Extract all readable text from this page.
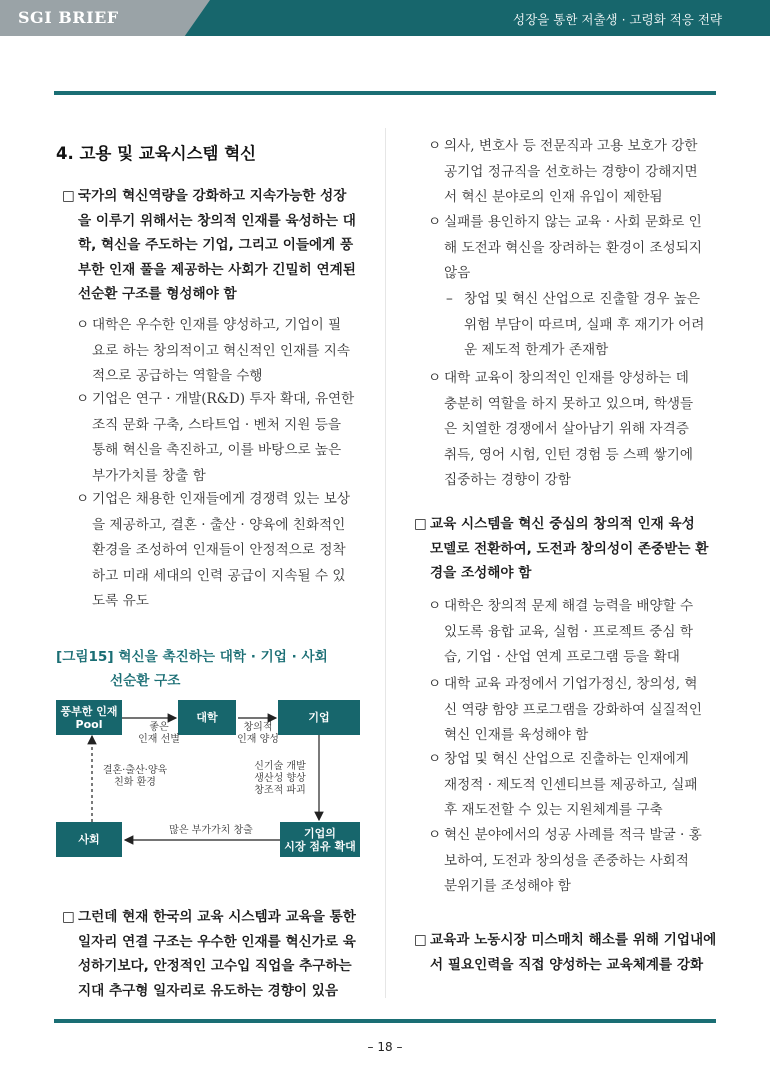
SGI BRIEF	성장을 통한 저출생 · 고령화 적응 전략
4. 고용 및 교육시스템 혁신
□ 국가의 혁신역량을 강화하고 지속가능한 성장
을 이루기 위해서는 창의적 인재를 육성하는 대
학, 혁신을 주도하는 기업, 그리고 이들에게 풍
부한 인재 풀을 제공하는 사회가 긴밀히 연계된
선순환 구조를 형성해야 함
ㅇ 대학은 우수한 인재를 양성하고, 기업이 필
요로 하는 창의적이고 혁신적인 인재를 지속
적으로 공급하는 역할을 수행
ㅇ 기업은 연구 · 개발(R&D) 투자 확대, 유연한
조직 문화 구축, 스타트업 · 벤처 지원 등을
통해 혁신을 촉진하고, 이를 바탕으로 높은
부가가치를 창출 함
ㅇ 기업은 채용한 인재들에게 경쟁력 있는 보상
을 제공하고, 결혼 · 출산 · 양육에 친화적인
환경을 조성하여 인재들이 안정적으로 정착
하고 미래 세대의 인력 공급이 지속될 수 있
도록 유도
[그림15] 혁신을 촉진하는 대학 · 기업 · 사회
선순환 구조
풍부한 인재
Pool	대학	기업
사회	기업의
시장 점유 확대
좋은
인재 선별
창의적
인재 양성
결혼·출산·양육
친화 환경
신기술 개발
생산성 향상
창조적 파괴
많은 부가가치 창출
□ 그런데 현재 한국의 교육 시스템과 교육을 통한
일자리 연결 구조는 우수한 인재를 혁신가로 육
성하기보다, 안정적인 고수입 직업을 추구하는
지대 추구형 일자리로 유도하는 경향이 있음
ㅇ 의사, 변호사 등 전문직과 고용 보호가 강한
공기업 정규직을 선호하는 경향이 강해지면
서 혁신 분야로의 인재 유입이 제한됨
ㅇ 실패를 용인하지 않는 교육 · 사회 문화로 인
해 도전과 혁신을 장려하는 환경이 조성되지
않음
– 창업 및 혁신 산업으로 진출할 경우 높은
위험 부담이 따르며, 실패 후 재기가 어려
운 제도적 한계가 존재함
ㅇ 대학 교육이 창의적인 인재를 양성하는 데
충분히 역할을 하지 못하고 있으며, 학생들
은 치열한 경쟁에서 살아남기 위해 자격증
취득, 영어 시험, 인턴 경험 등 스펙 쌓기에
집중하는 경향이 강함
□ 교육 시스템을 혁신 중심의 창의적 인재 육성
모델로 전환하여, 도전과 창의성이 존중받는 환
경을 조성해야 함
ㅇ 대학은 창의적 문제 해결 능력을 배양할 수
있도록 융합 교육, 실험 · 프로젝트 중심 학
습, 기업 · 산업 연계 프로그램 등을 확대
ㅇ 대학 교육 과정에서 기업가정신, 창의성, 혁
신 역량 함양 프로그램을 강화하여 실질적인
혁신 인재를 육성해야 함
ㅇ 창업 및 혁신 산업으로 진출하는 인재에게
재정적 · 제도적 인센티브를 제공하고, 실패
후 재도전할 수 있는 지원체계를 구축
ㅇ 혁신 분야에서의 성공 사례를 적극 발굴 · 홍
보하여, 도전과 창의성을 존중하는 사회적
분위기를 조성해야 함
□ 교육과 노동시장 미스매치 해소를 위해 기업내에
서 필요인력을 직접 양성하는 교육체계를 강화
– 18 –
